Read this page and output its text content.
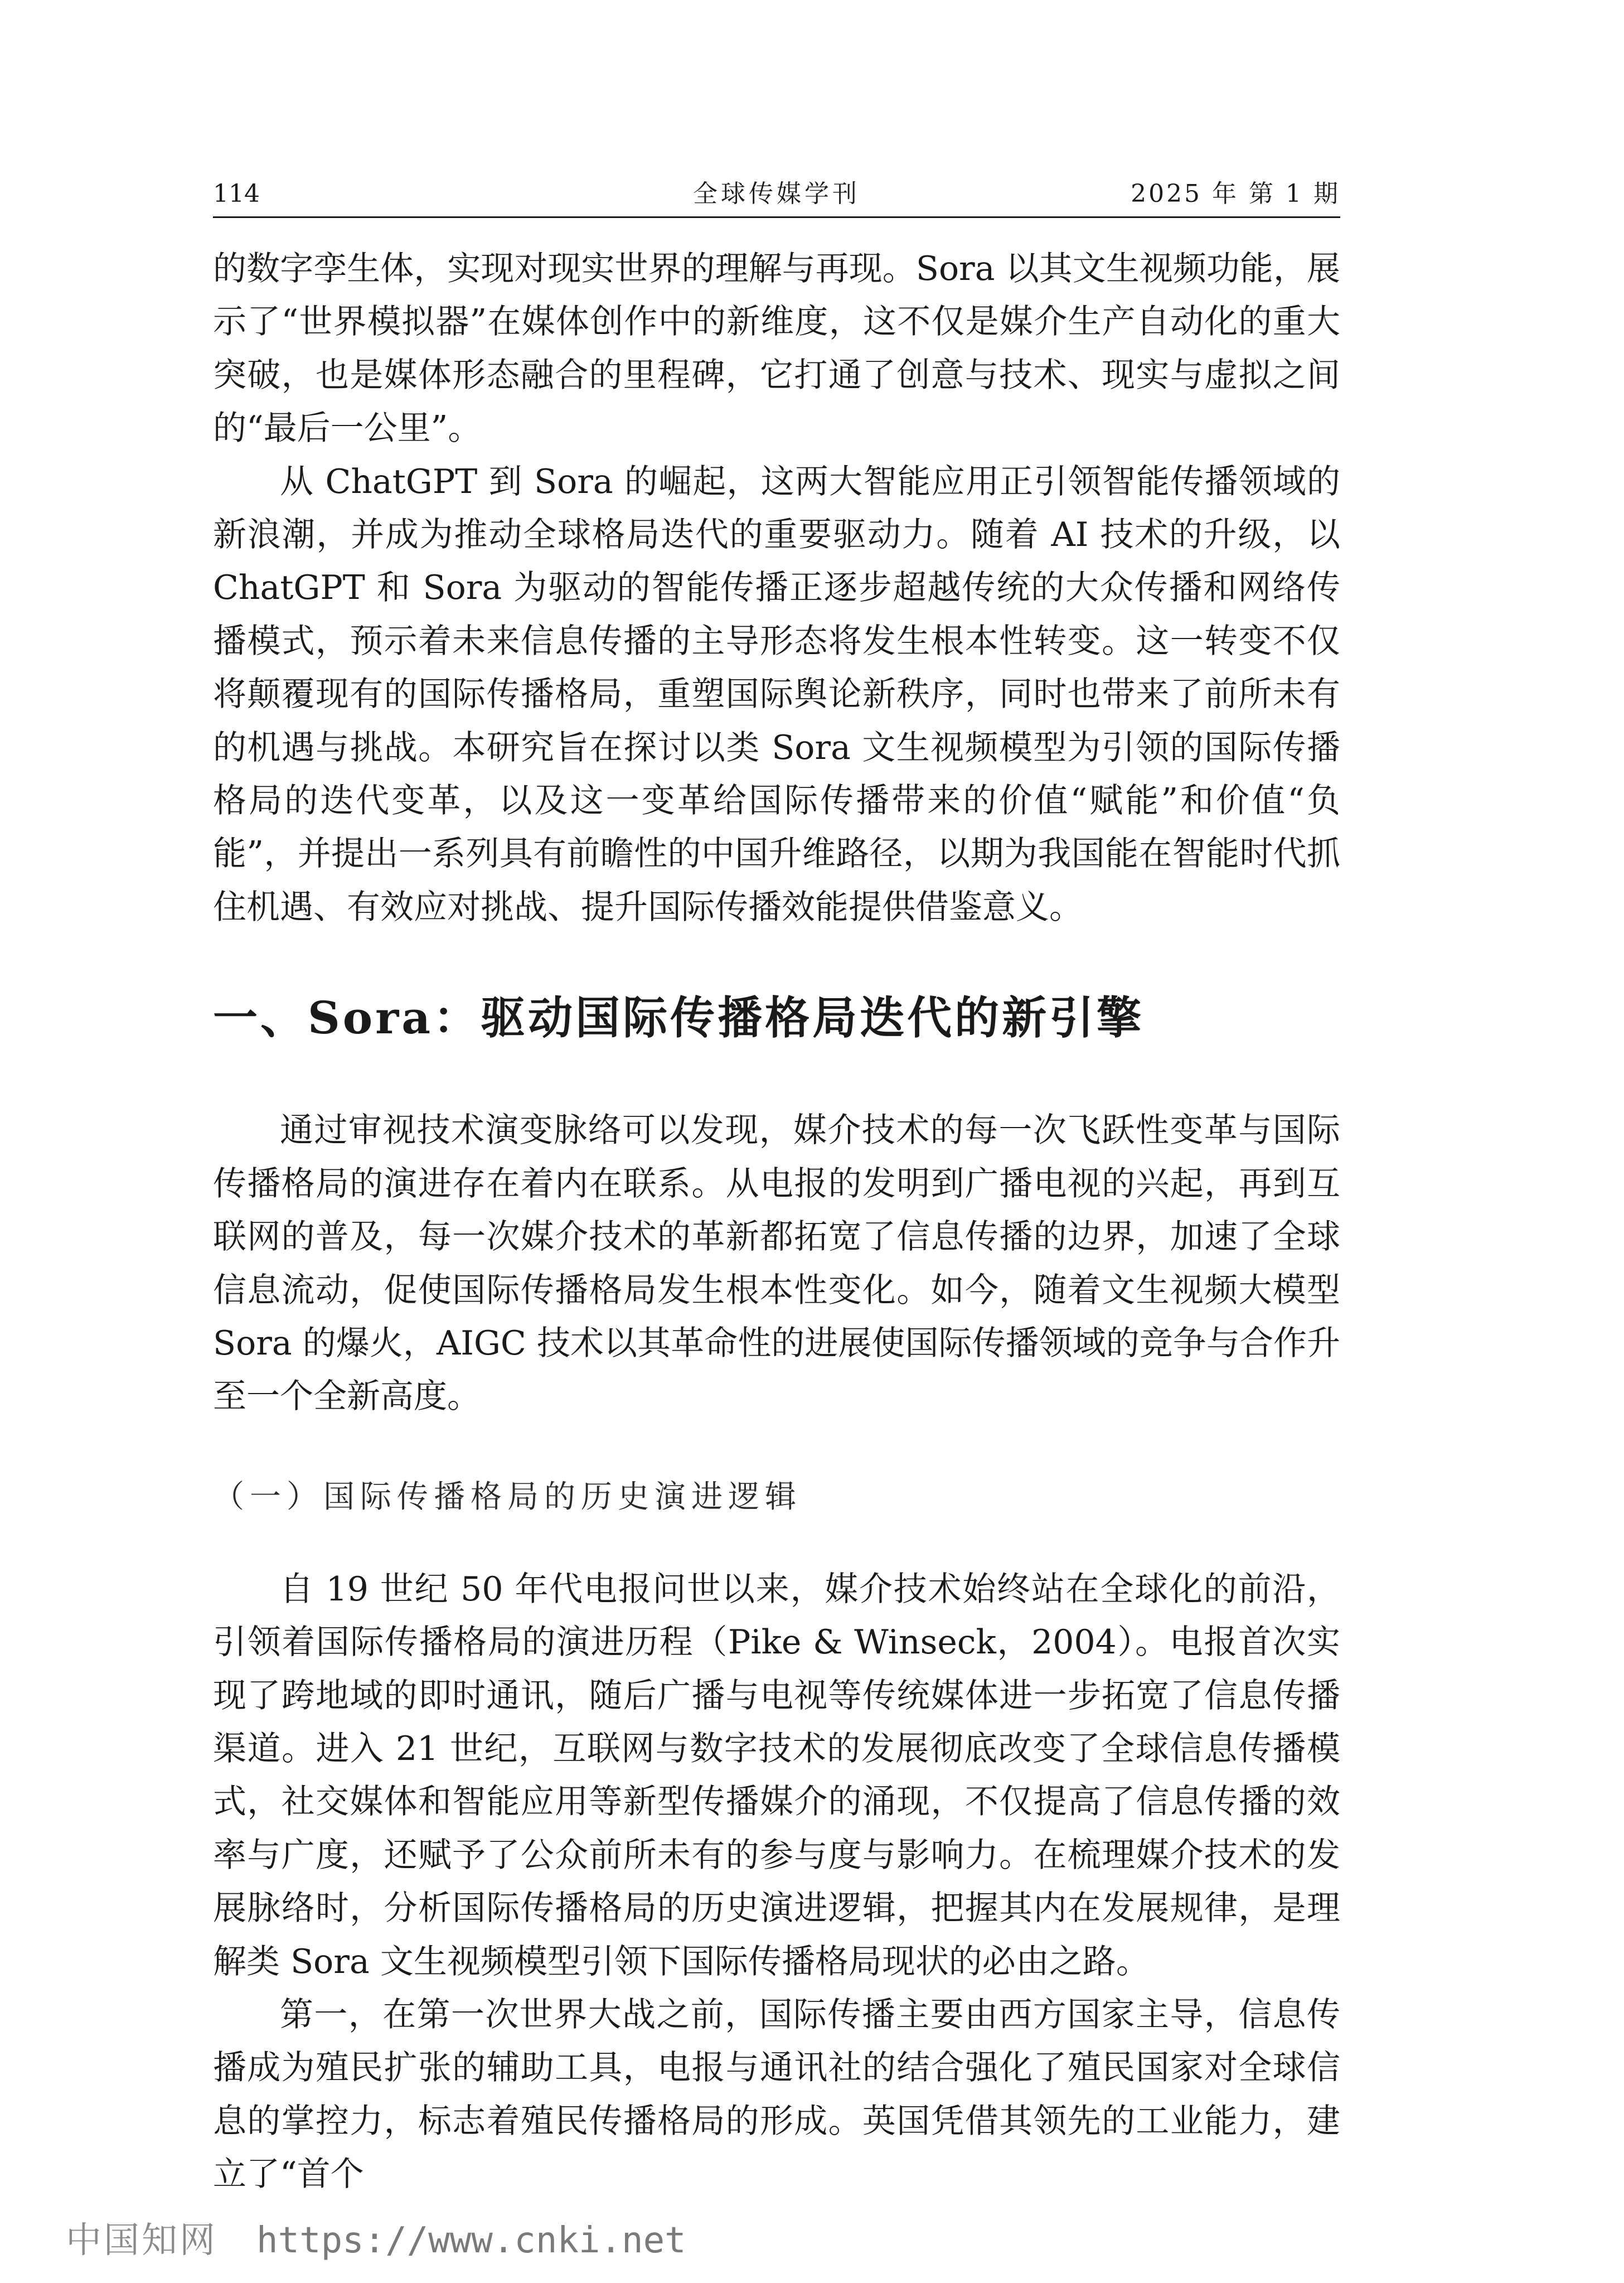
114	全球传媒学刊	2025 年 第 1 期

的数字孪生体，实现对现实世界的理解与再现。Sora 以其文生视频功能，展示了“世界模拟器”在媒体创作中的新维度，这不仅是媒介生产自动化的重大突破，也是媒体形态融合的里程碑，它打通了创意与技术、现实与虚拟之间的“最后一公里”。

从 ChatGPT 到 Sora 的崛起，这两大智能应用正引领智能传播领域的新浪潮，并成为推动全球格局迭代的重要驱动力。随着 AI 技术的升级，以 ChatGPT 和 Sora 为驱动的智能传播正逐步超越传统的大众传播和网络传播模式，预示着未来信息传播的主导形态将发生根本性转变。这一转变不仅将颠覆现有的国际传播格局，重塑国际舆论新秩序，同时也带来了前所未有的机遇与挑战。本研究旨在探讨以类 Sora 文生视频模型为引领的国际传播格局的迭代变革，以及这一变革给国际传播带来的价值“赋能”和价值“负能”，并提出一系列具有前瞻性的中国升维路径，以期为我国能在智能时代抓住机遇、有效应对挑战、提升国际传播效能提供借鉴意义。

一、Sora：驱动国际传播格局迭代的新引擎

通过审视技术演变脉络可以发现，媒介技术的每一次飞跃性变革与国际传播格局的演进存在着内在联系。从电报的发明到广播电视的兴起，再到互联网的普及，每一次媒介技术的革新都拓宽了信息传播的边界，加速了全球信息流动，促使国际传播格局发生根本性变化。如今，随着文生视频大模型 Sora 的爆火，AIGC 技术以其革命性的进展使国际传播领域的竞争与合作升至一个全新高度。

（一）国际传播格局的历史演进逻辑

自 19 世纪 50 年代电报问世以来，媒介技术始终站在全球化的前沿，引领着国际传播格局的演进历程（Pike & Winseck，2004）。电报首次实现了跨地域的即时通讯，随后广播与电视等传统媒体进一步拓宽了信息传播渠道。进入 21 世纪，互联网与数字技术的发展彻底改变了全球信息传播模式，社交媒体和智能应用等新型传播媒介的涌现，不仅提高了信息传播的效率与广度，还赋予了公众前所未有的参与度与影响力。在梳理媒介技术的发展脉络时，分析国际传播格局的历史演进逻辑，把握其内在发展规律，是理解类 Sora 文生视频模型引领下国际传播格局现状的必由之路。

第一，在第一次世界大战之前，国际传播主要由西方国家主导，信息传播成为殖民扩张的辅助工具，电报与通讯社的结合强化了殖民国家对全球信息的掌控力，标志着殖民传播格局的形成。英国凭借其领先的工业能力，建立了“首个

中国知网 https://www.cnki.net
